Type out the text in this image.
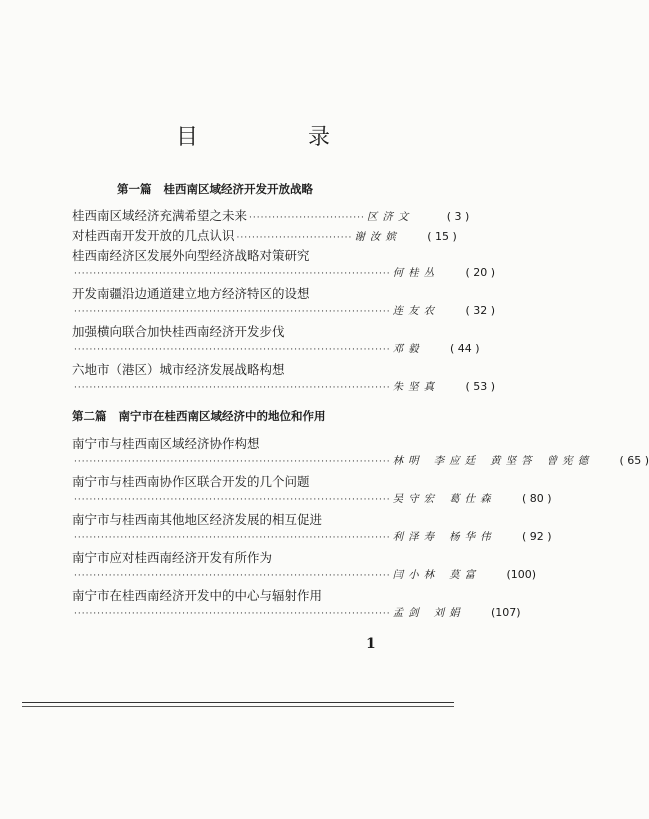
目　录
第一篇 桂西南区域经济开发开放战略
桂西南区域经济充满希望之未来 ······························ 区济文	( 3 )
对桂西南开发开放的几点认识 ······························ 谢汝嫔	( 15 )
桂西南经济区发展外向型经济战略对策研究
·················································································· 何桂丛	( 20 )
开发南疆沿边通道建立地方经济特区的设想
·················································································· 连友农	( 32 )
加强横向联合加快桂西南经济开发步伐
·················································································· 邓毅	( 44 )
六地市（港区）城市经济发展战略构想
·················································································· 朱坚真	( 53 )
第二篇 南宁市在桂西南区域经济中的地位和作用
南宁市与桂西南区域经济协作构想
·················································································· 林明 李应廷 黄坚答 曾宪德	( 65 )
南宁市与桂西南协作区联合开发的几个问题
·················································································· 吴守宏 葛仕森	( 80 )
南宁市与桂西南其他地区经济发展的相互促进
·················································································· 利泽寿 杨华伟	( 92 )
南宁市应对桂西南经济开发有所作为
·················································································· 闫小林 莫富	(100)
南宁市在桂西南经济开发中的中心与辐射作用
·················································································· 孟剑 刘娟	(107)
1
